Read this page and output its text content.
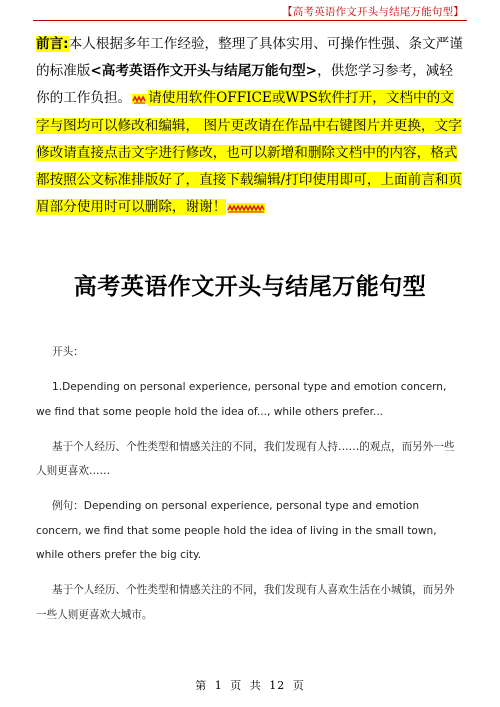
【高考英语作文开头与结尾万能句型】
前言:本人根据多年工作经验，整理了具体实用、可操作性强、条文严谨的标准版<高考英语作文开头与结尾万能句型>，供您学习参考，减轻你的工作负担。 请使用软件OFFICE或WPS软件打开，文档中的文字与图均可以修改和编辑， 图片更改请在作品中右键图片并更换，文字修改请直接点击文字进行修改，也可以新增和删除文档中的内容，格式都按照公文标准排版好了，直接下载编辑/打印使用即可，上面前言和页眉部分使用时可以删除，谢谢！
高考英语作文开头与结尾万能句型

开头：

1.Depending on personal experience, personal type and emotion concern, we find that some people hold the idea of..., while others prefer...

基于个人经历、个性类型和情感关注的不同，我们发现有人持……的观点，而另外一些人则更喜欢……

例句：Depending on personal experience, personal type and emotion concern, we find that some people hold the idea of living in the small town, while others prefer the big city.

基于个人经历、个性类型和情感关注的不同，我们发现有人喜欢生活在小城镇，而另外一些人则更喜欢大城市。

第 1 页 共 12 页
